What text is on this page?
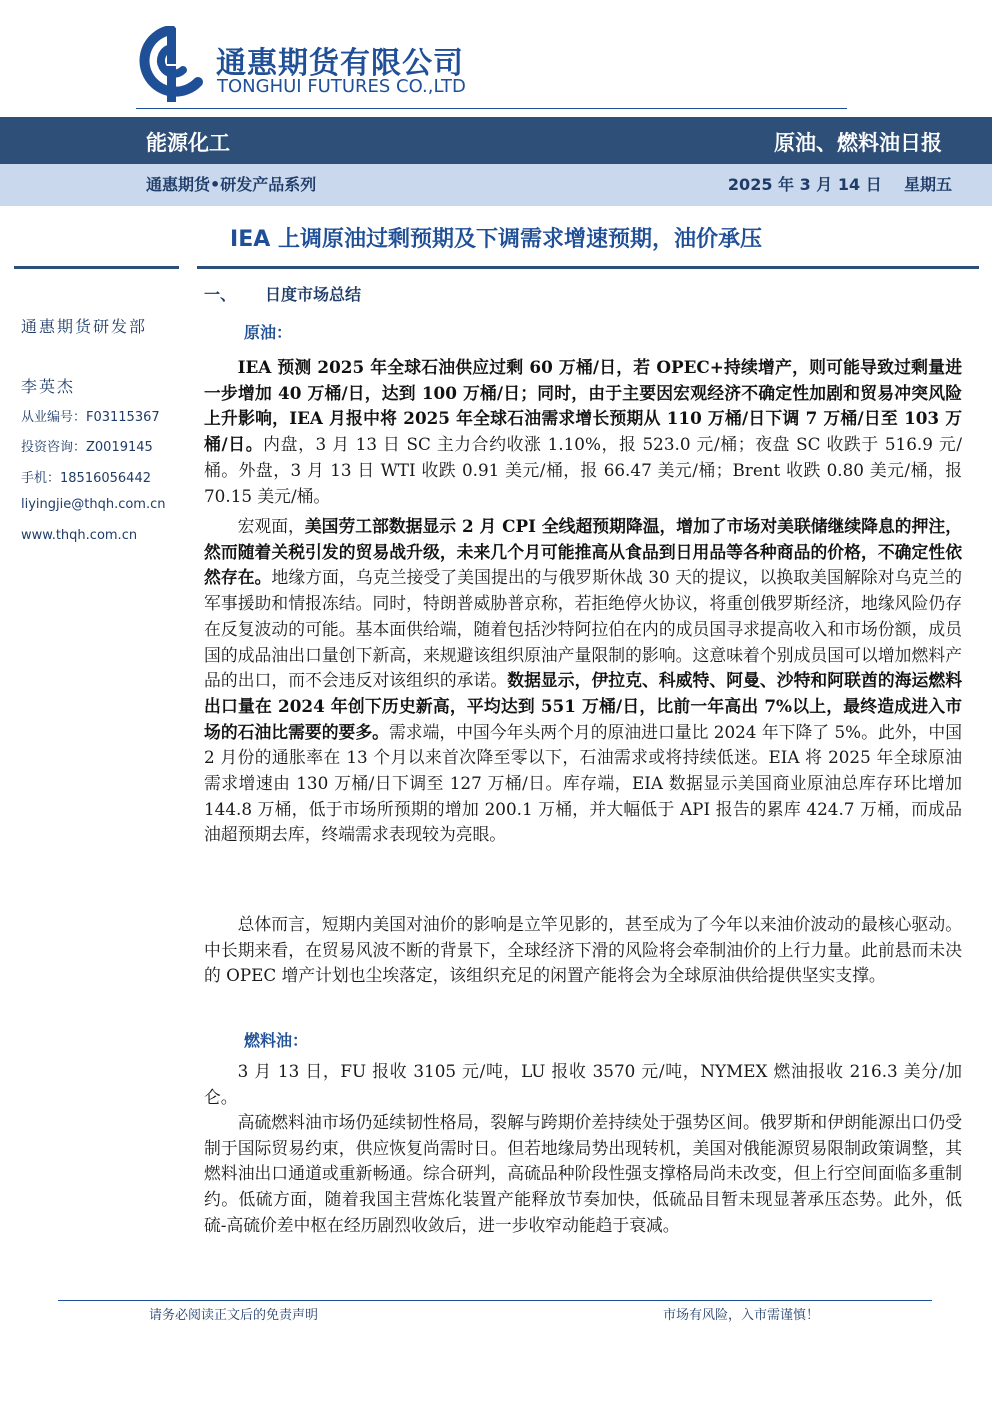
通惠期货有限公司
TONGHUI FUTURES CO.,LTD
能源化工	原油、燃料油日报
通惠期货•研发产品系列	2025 年 3 月 14 日    星期五
IEA 上调原油过剩预期及下调需求增速预期，油价承压
通惠期货研发部
李英杰
从业编号：F03115367
投资咨询：Z0019145
手机：18516056442
liyingjie@thqh.com.cn
www.thqh.com.cn
一、 日度市场总结
原油：

IEA 预测 2025 年全球石油供应过剩 60 万桶/日，若 OPEC+持续增产，则可能导致过剩量进一步增加 40 万桶/日，达到 100 万桶/日；同时，由于主要因宏观经济不确定性加剧和贸易冲突风险上升影响，IEA 月报中将 2025 年全球石油需求增长预期从 110 万桶/日下调 7 万桶/日至 103 万桶/日。内盘，3 月 13 日 SC 主力合约收涨 1.10%，报 523.0 元/桶；夜盘 SC 收跌于 516.9 元/桶。外盘，3 月 13 日 WTI 收跌 0.91 美元/桶，报 66.47 美元/桶；Brent 收跌 0.80 美元/桶，报 70.15 美元/桶。

宏观面，美国劳工部数据显示 2 月 CPI 全线超预期降温，增加了市场对美联储继续降息的押注，然而随着关税引发的贸易战升级，未来几个月可能推高从食品到日用品等各种商品的价格，不确定性依然存在。地缘方面，乌克兰接受了美国提出的与俄罗斯休战 30 天的提议，以换取美国解除对乌克兰的军事援助和情报冻结。同时，特朗普威胁普京称，若拒绝停火协议，将重创俄罗斯经济，地缘风险仍存在反复波动的可能。基本面供给端，随着包括沙特阿拉伯在内的成员国寻求提高收入和市场份额，成员国的成品油出口量创下新高，来规避该组织原油产量限制的影响。这意味着个别成员国可以增加燃料产品的出口，而不会违反对该组织的承诺。数据显示，伊拉克、科威特、阿曼、沙特和阿联酋的海运燃料出口量在 2024 年创下历史新高，平均达到 551 万桶/日，比前一年高出 7%以上，最终造成进入市场的石油比需要的要多。需求端，中国今年头两个月的原油进口量比 2024 年下降了 5%。此外，中国 2 月份的通胀率在 13 个月以来首次降至零以下，石油需求或将持续低迷。EIA 将 2025 年全球原油需求增速由 130 万桶/日下调至 127 万桶/日。库存端，EIA 数据显示美国商业原油总库存环比增加 144.8 万桶，低于市场所预期的增加 200.1 万桶，并大幅低于 API 报告的累库 424.7 万桶，而成品油超预期去库，终端需求表现较为亮眼。

总体而言，短期内美国对油价的影响是立竿见影的，甚至成为了今年以来油价波动的最核心驱动。中长期来看，在贸易风波不断的背景下，全球经济下滑的风险将会牵制油价的上行力量。此前悬而未决的 OPEC 增产计划也尘埃落定，该组织充足的闲置产能将会为全球原油供给提供坚实支撑。

燃料油：

3 月 13 日，FU 报收 3105 元/吨，LU 报收 3570 元/吨，NYMEX 燃油报收 216.3 美分/加仑。

高硫燃料油市场仍延续韧性格局，裂解与跨期价差持续处于强势区间。俄罗斯和伊朗能源出口仍受制于国际贸易约束，供应恢复尚需时日。但若地缘局势出现转机，美国对俄能源贸易限制政策调整，其燃料油出口通道或重新畅通。综合研判，高硫品种阶段性强支撑格局尚未改变，但上行空间面临多重制约。低硫方面，随着我国主营炼化装置产能释放节奏加快，低硫品目暂未现显著承压态势。此外，低硫-高硫价差中枢在经历剧烈收敛后，进一步收窄动能趋于衰减。

请务必阅读正文后的免责声明	市场有风险，入市需谨慎！
